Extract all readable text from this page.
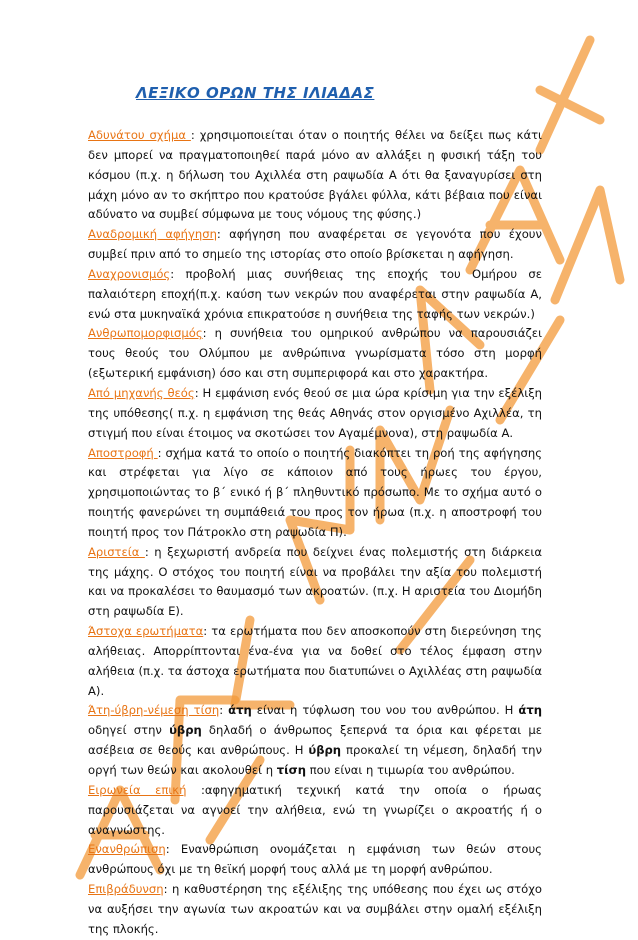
ΛΕΞΙΚΟ ΟΡΩΝ ΤΗΣ ΙΛΙΑΔΑΣ

Αδυνάτου σχήμα : χρησιμοποιείται όταν ο ποιητής θέλει να δείξει πως κάτι δεν μπορεί να πραγματοποιηθεί παρά μόνο αν αλλάξει η φυσική τάξη του κόσμου (π.χ. η δήλωση του Αχιλλέα στη ραψωδία Α ότι θα ξαναγυρίσει στη μάχη μόνο αν το σκήπτρο που κρατούσε βγάλει φύλλα, κάτι βέβαια που είναι αδύνατο να συμβεί σύμφωνα με τους νόμους της φύσης.)

Αναδρομική αφήγηση: αφήγηση που αναφέρεται σε γεγονότα που έχουν συμβεί πριν από το σημείο της ιστορίας στο οποίο βρίσκεται η αφήγηση.

Αναχρονισμός: προβολή μιας συνήθειας της εποχής του Ομήρου σε παλαιότερη εποχή(π.χ. καύση των νεκρών που αναφέρεται στην ραψωδία Α, ενώ στα μυκηναϊκά χρόνια επικρατούσε η συνήθεια της ταφής των νεκρών.)

Ανθρωπομορφισμός: η συνήθεια του ομηρικού ανθρώπου να παρουσιάζει τους θεούς του Ολύμπου με ανθρώπινα γνωρίσματα τόσο στη μορφή (εξωτερική εμφάνιση) όσο και στη συμπεριφορά και στο χαρακτήρα.

Από μηχανής θεός: Η εμφάνιση ενός θεού σε μια ώρα κρίσιμη για την εξέλιξη της υπόθεσης( π.χ. η εμφάνιση της θεάς Αθηνάς στον οργισμένο Αχιλλέα, τη στιγμή που είναι έτοιμος να σκοτώσει τον Αγαμέμνονα), στη ραψωδία Α.

Αποστροφή : σχήμα κατά το οποίο ο ποιητής διακόπτει τη ροή της αφήγησης και στρέφεται για λίγο σε κάποιον από τους ήρωες του έργου, χρησιμοποιώντας το β΄ ενικό ή β΄ πληθυντικό πρόσωπο. Με το σχήμα αυτό ο ποιητής φανερώνει τη συμπάθειά του προς τον ήρωα (π.χ. η αποστροφή του ποιητή προς τον Πάτροκλο στη ραψωδία Π).

Αριστεία : η ξεχωριστή ανδρεία που δείχνει ένας πολεμιστής στη διάρκεια της μάχης. Ο στόχος του ποιητή είναι να προβάλει την αξία του πολεμιστή και να προκαλέσει το θαυμασμό των ακροατών. (π.χ. Η αριστεία του Διομήδη στη ραψωδία Ε).

Άστοχα ερωτήματα: τα ερωτήματα που δεν αποσκοπούν στη διερεύνηση της αλήθειας. Απορρίπτονται ένα-ένα για να δοθεί στο τέλος έμφαση στην αλήθεια (π.χ. τα άστοχα ερωτήματα που διατυπώνει ο Αχιλλέας στη ραψωδία Α).

Άτη-ύβρη-νέμεση τίση: άτη είναι η τύφλωση του νου του ανθρώπου. Η άτη οδηγεί στην ύβρη δηλαδή ο άνθρωπος ξεπερνά τα όρια και φέρεται με ασέβεια σε θεούς και ανθρώπους. Η ύβρη προκαλεί τη νέμεση, δηλαδή την οργή των θεών και ακολουθεί η τίση που είναι η τιμωρία του ανθρώπου.

Ειρωνεία επική :αφηγηματική τεχνική κατά την οποία ο ήρωας παρουσιάζεται να αγνοεί την αλήθεια, ενώ τη γνωρίζει ο ακροατής ή ο αναγνώστης.

Ενανθρώπιση: Ενανθρώπιση ονομάζεται η εμφάνιση των θεών στους ανθρώπους όχι με τη θεϊκή μορφή τους αλλά με τη μορφή ανθρώπου.

Επιβράδυνση: η καθυστέρηση της εξέλιξης της υπόθεσης που έχει ως στόχο να αυξήσει την αγωνία των ακροατών και να συμβάλει στην ομαλή εξέλιξη της πλοκής.
